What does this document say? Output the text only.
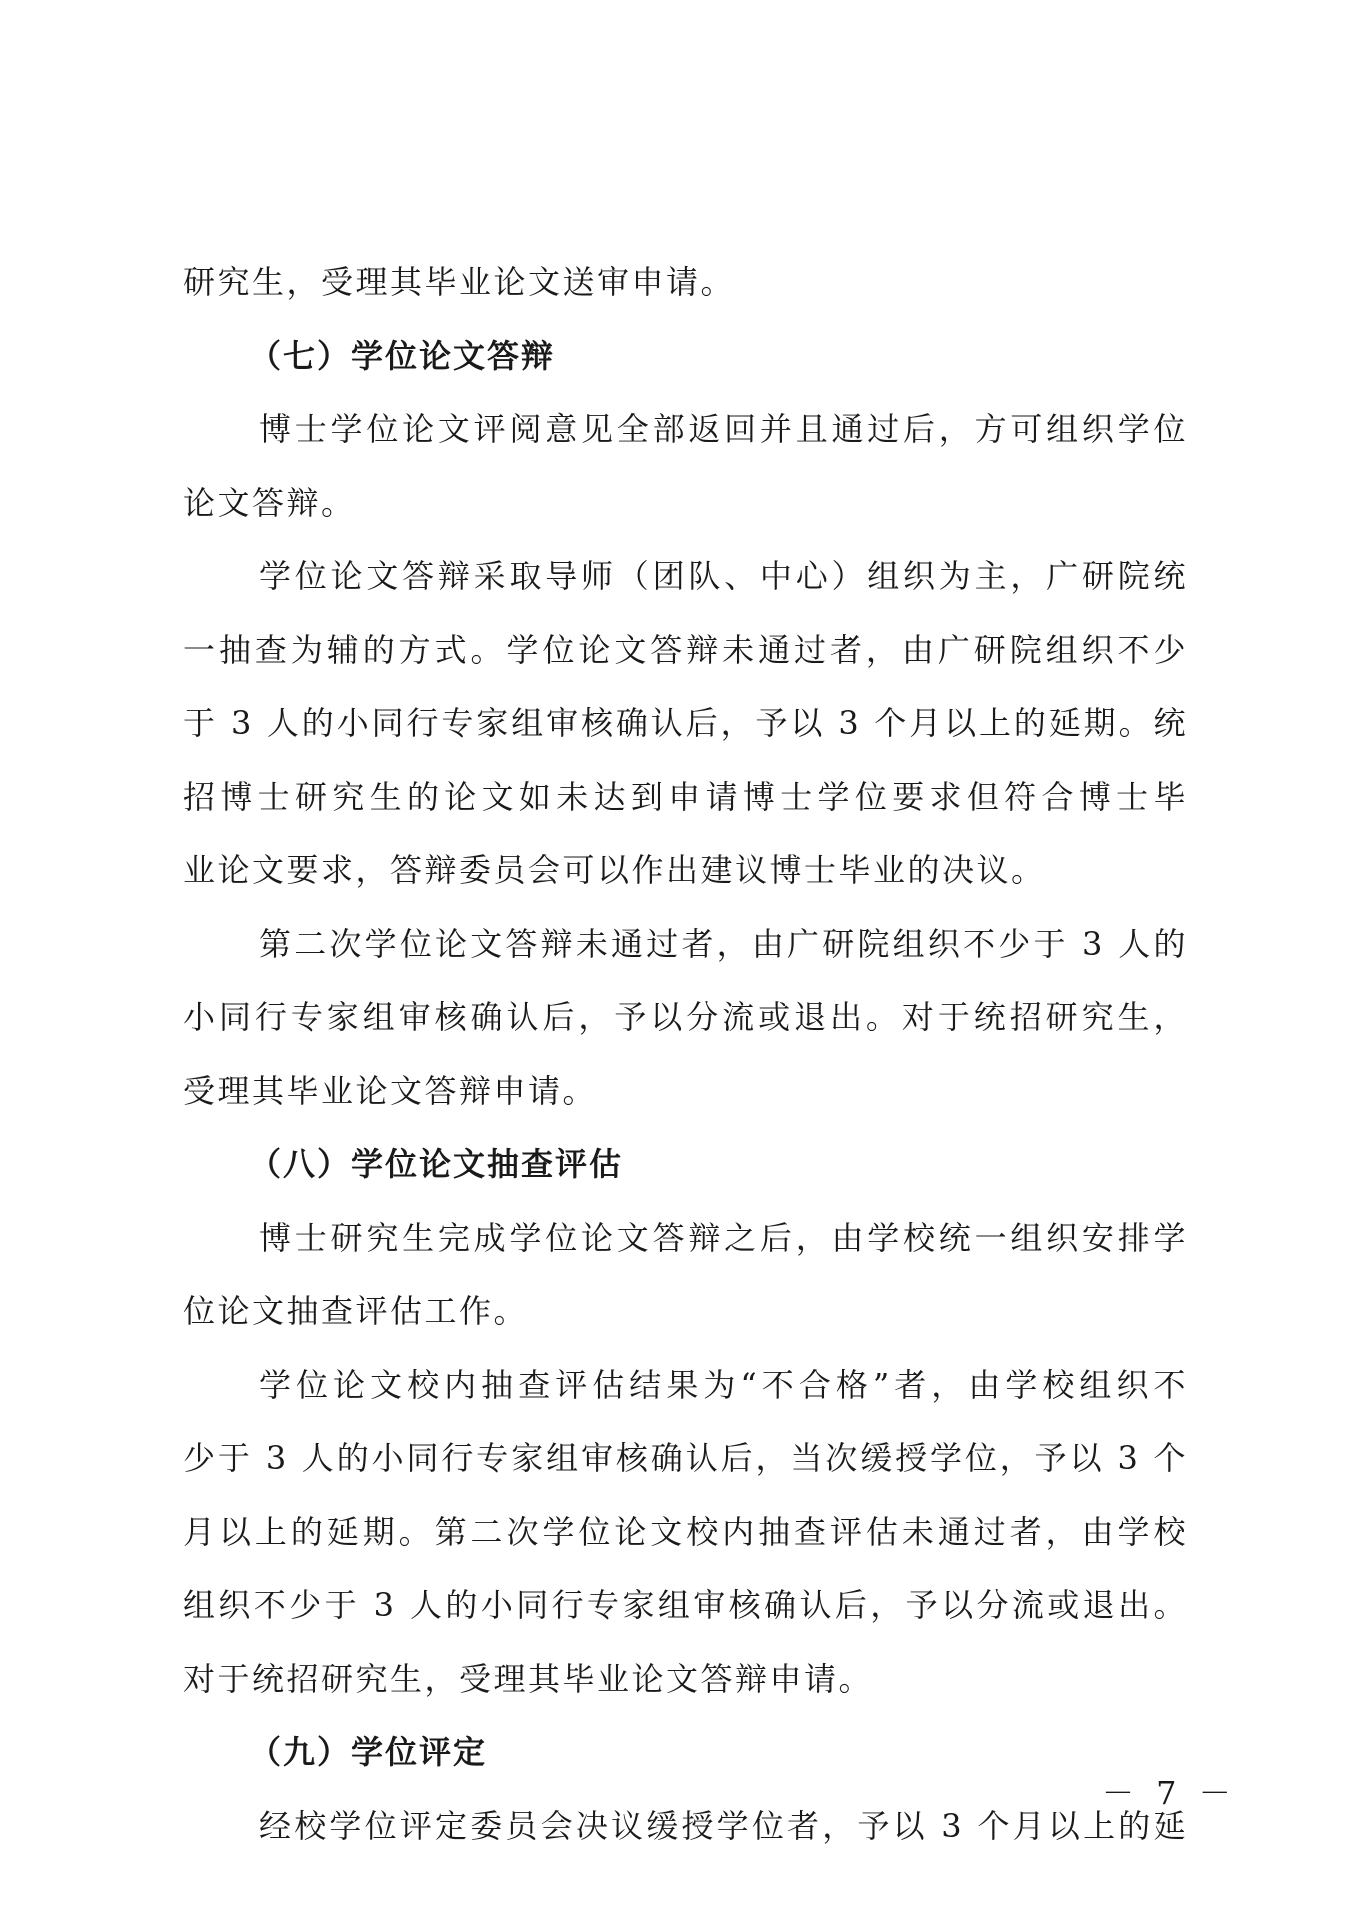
研究生，受理其毕业论文送审申请。
（七）学位论文答辩
博士学位论文评阅意见全部返回并且通过后，方可组织学位
论文答辩。
学位论文答辩采取导师（团队、中心）组织为主，广研院统
一抽查为辅的方式。学位论文答辩未通过者，由广研院组织不少
于 3 人的小同行专家组审核确认后，予以 3 个月以上的延期。统
招博士研究生的论文如未达到申请博士学位要求但符合博士毕
业论文要求，答辩委员会可以作出建议博士毕业的决议。
第二次学位论文答辩未通过者，由广研院组织不少于 3 人的
小同行专家组审核确认后，予以分流或退出。对于统招研究生，
受理其毕业论文答辩申请。
（八）学位论文抽查评估
博士研究生完成学位论文答辩之后，由学校统一组织安排学
位论文抽查评估工作。
学位论文校内抽查评估结果为“不合格”者，由学校组织不
少于 3 人的小同行专家组审核确认后，当次缓授学位，予以 3 个
月以上的延期。第二次学位论文校内抽查评估未通过者，由学校
组织不少于 3 人的小同行专家组审核确认后，予以分流或退出。
对于统招研究生，受理其毕业论文答辩申请。
（九）学位评定
经校学位评定委员会决议缓授学位者，予以 3 个月以上的延
－ 7 －
